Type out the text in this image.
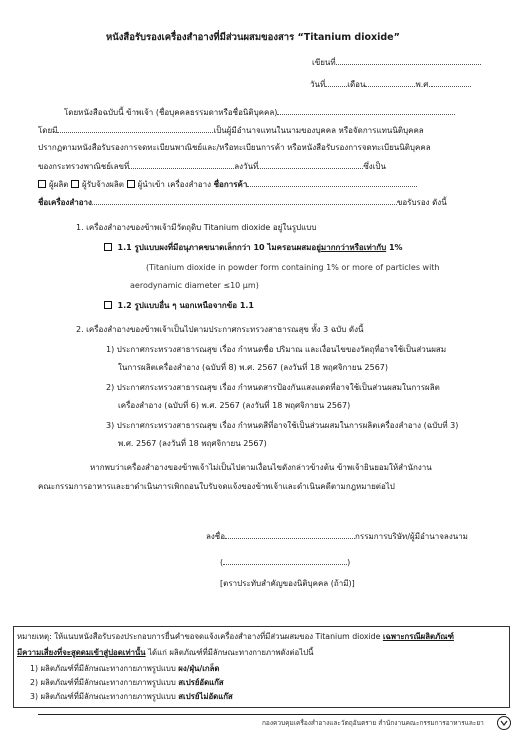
หนังสือรับรองเครื่องสำอางที่มีส่วนผสมของสาร “Titanium dioxide”
เขียนที่
วันที่	เดือน	พ.ศ.
โดยหนังสือฉบับนี้ ข้าพเจ้า (ชื่อบุคคลธรรมดาหรือชื่อนิติบุคคล)
โดยมี	เป็นผู้มีอำนาจแทนในนามของบุคคล หรือจัดการแทนนิติบุคคล
ปรากฏตามหนังสือรับรองการจดทะเบียนพาณิชย์และ/หรือทะเบียนการค้า หรือหนังสือรับรองการจดทะเบียนนิติบุคคล
ของกระทรวงพาณิชย์เลขที่	ลงวันที่	ซึ่งเป็น
ผู้ผลิต ผู้รับจ้างผลิต ผู้นำเข้า เครื่องสำอาง ชื่อการค้า
ชื่อเครื่องสำอาง	ขอรับรอง ดังนี้
1. เครื่องสำอางของข้าพเจ้ามีวัตถุดิบ Titanium dioxide อยู่ในรูปแบบ
1.1 รูปแบบผงที่มีอนุภาคขนาดเล็กกว่า 10 ไมครอนผสมอยู่มากกว่าหรือเท่ากับ 1%
(Titanium dioxide in powder form containing 1% or more of particles with
aerodynamic diameter ≤10 μm)
1.2 รูปแบบอื่น ๆ นอกเหนือจากข้อ 1.1
2. เครื่องสำอางของข้าพเจ้าเป็นไปตามประกาศกระทรวงสาธารณสุข ทั้ง 3 ฉบับ ดังนี้
1) ประกาศกระทรวงสาธารณสุข เรื่อง กำหนดชื่อ ปริมาณ และเงื่อนไขของวัตถุที่อาจใช้เป็นส่วนผสม
ในการผลิตเครื่องสำอาง (ฉบับที่ 8) พ.ศ. 2567 (ลงวันที่ 18 พฤศจิกายน 2567)
2) ประกาศกระทรวงสาธารณสุข เรื่อง กำหนดสารป้องกันแสงแดดที่อาจใช้เป็นส่วนผสมในการผลิต
เครื่องสำอาง (ฉบับที่ 6) พ.ศ. 2567 (ลงวันที่ 18 พฤศจิกายน 2567)
3) ประกาศกระทรวงสาธารณสุข เรื่อง กำหนดสีที่อาจใช้เป็นส่วนผสมในการผลิตเครื่องสำอาง (ฉบับที่ 3)
พ.ศ. 2567 (ลงวันที่ 18 พฤศจิกายน 2567)
หากพบว่าเครื่องสำอางของข้าพเจ้าไม่เป็นไปตามเงื่อนไขดังกล่าวข้างต้น ข้าพเจ้ายินยอมให้สำนักงาน
คณะกรรมการอาหารและยาดำเนินการเพิกถอนใบรับจดแจ้งของข้าพเจ้าและดำเนินคดีตามกฎหมายต่อไป
ลงชื่อ	กรรมการบริษัท/ผู้มีอำนาจลงนาม
(	)
[ตราประทับสำคัญของนิติบุคคล (ถ้ามี)]
หมายเหตุ: ให้แนบหนังสือรับรองประกอบการยื่นคำขอจดแจ้งเครื่องสำอางที่มีส่วนผสมของ Titanium dioxide เฉพาะกรณีผลิตภัณฑ์
มีความเสี่ยงที่จะสูดดมเข้าสู่ปอดเท่านั้น ได้แก่ ผลิตภัณฑ์ที่มีลักษณะทางกายภาพดังต่อไปนี้
1) ผลิตภัณฑ์ที่มีลักษณะทางกายภาพรูปแบบ ผง/ฝุ่น/เกล็ด
2) ผลิตภัณฑ์ที่มีลักษณะทางกายภาพรูปแบบ สเปรย์อัดแก๊ส
3) ผลิตภัณฑ์ที่มีลักษณะทางกายภาพรูปแบบ สเปรย์ไม่อัดแก๊ส
กองควบคุมเครื่องสำอางและวัตถุอันตราย สำนักงานคณะกรรมการอาหารและยา
